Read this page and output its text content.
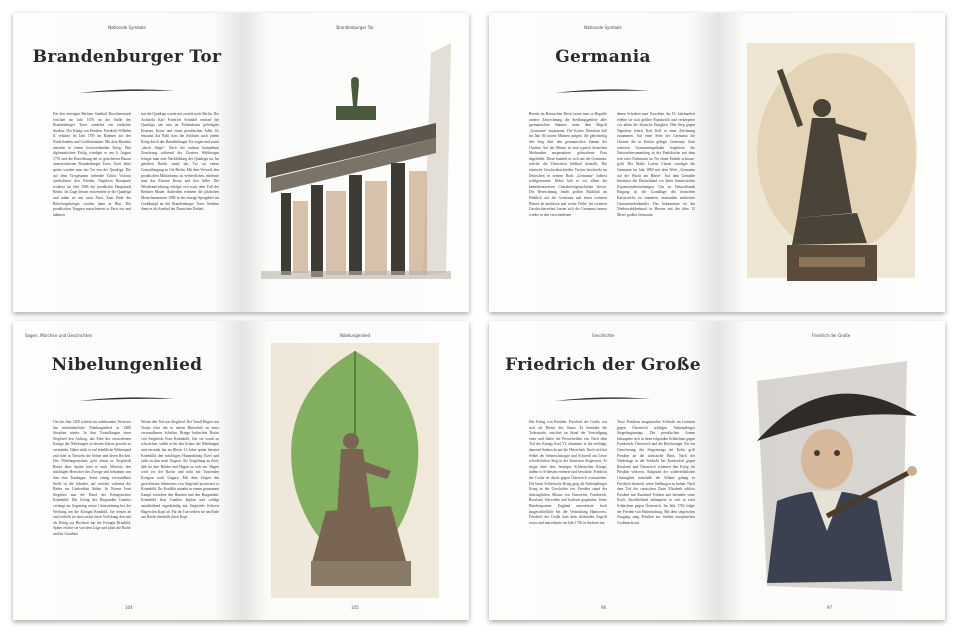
Nationale Symbole
Brandenburger Tor
Für den streitigen Berliner Stadtteil Dorotheenstadt errichtet im Jahr 1670 an der Stelle des Brandenburger Tores zunächst ein einfaches Stadttor. Der König von Preußen, Friedrich Wilhelm II. erklärte im Jahr 1785 im Rahmen auf den Niederlanden und Großbritannien. Mit dem Bündnis entstehe in einem bevorstehenden Krieg. Den diplomatischen Erfolg würdigte er am 6. August 1791 und die Einweihung der so gesicherten Bauart unterzeichneten Brandenburger Tores. Zwei Jahre später wurden zum das Tor von der Quadriga. Die auf dem Viergespann stehende Göttin Victoria symbolisiert den Frieden. Napoleon Bonaparte eroberte im Jahr 1806 die preußische Hauptstadt Berlin. Im Zuge dessen entwendete er die Quadriga und nahm sie mit nach Paris. Zum Ende des Befreiungskrieges wurden dann in Blut. Die preußischen Truppen marschierten in Paris ein und nahmen
nur die Quadriga wurde mit zurück nach Berlin. Der Architekt Karl Friedrich Schinkel entwarf die Quadriga um nun an Eichenkranz gefertigtes Eisernes Kreuz und einen preußischen Adler. Es entstand das Bild, dass die Soldaten auch jedem Krieg durch das Brandenburger Tor zogen und somit „durch Siege“. Nach der nahezu kompletten Zerstörung während des Zweiten Weltkrieges fertigte man eine Nachbildung der Quadriga an. Im geteilten Berlin stand das Tor an einem Grenzübergang zu Ost-Berlin. Mit dem Verweil, den preußischen Militärismus zu verherrlichen, entfernte man das Eiserne Kreuz und den Adler. Die Wiederaufrichtung erfolgte erst nach dem Fall der Berliner Mauer. Außerdem erinnern die jährlichen Menschenmassen 1989 in der einzige Spergebiet im Großkampf an des Brandenburger Tores. Seitdem dient es als Symbol der Deutschen Einheit.
Brandenburger Tor	Nationale Symbole
Germania
Bereits im Römischen Reich fasste man so Begriffe unterer Zeitrechnung die Siedlungsgebiete aller germanischen Stämme unter dem Begriff „Germania“ zusammen. Die Kaiser Domitian ließ im Jahr 84 seinen Münzen prägen, die gleichzeitig den Sieg über den germanischen Stamm der Chatten. Auf der Münze ist eine typisch deutschen Merkmalen ausgestattete, gebrochene Frau abgebildet. Diese handelt es sich um die Germania, welche die Deutschen bildhaft darstellt. Die römische Geschichtsschreiber Tacitus beschreibt im Deutschen in seinem Buch „Germania“ äußerst wohlgesonnen. Dabei hob er vor allem die bemerkenswerten Charaktereigenschaften hervor. Die Bezeichnung findet großen Rückhalt im Hinblick auf die Germania und einen weiteren Blauen ab mehrfach und weiter Frühe. Im weiteren Geschichtsverlauf lassen sich die Germania immer wieder in den verschiedenen
denen Schriften zum Vorschein. Im 19. Jahrhundert erlebte sie sich größter Popularität und verkörperte vor allem die deutsche Einigkeit. Den Sieg gegen Napoleon feierte Karl Koll in einer Zeichnung zusammen. Auf einer Seite der Germania die Chemie die in Ketten gelegte Germania. Zum weiteren Germaniengedanke begleitete die Nationalversammlung in der Paulskirche mit dem rein roter Farbmarkt an Tor einen Einheit schwarz-gold. Der Maler Lorenz Clasen würdigte die Germania im Jahr 1860 mit dem Werk „Germania auf der Wacht am Rhein“. Auf dem Gemälde beschützt die Deutschland vor ihren französischen Expansionsbestrebungen. Um zu Deutschlands Eingang ist der Grundlage des deutschen Kaiserreichs zu stammen, entstanden zahlreiche Germaniendenkmäler. Das bekannteste ist das Niederwalddenkmal in Hessen mit der über 12 Meter großen Germania.
Sagen, Märchen und Geschichten
Nibelungenlied
Um das Jahr 1200 schrieb ein unbekannter Verfasser das mittelalterliche Nibelungenlied in 2400 Strophen nieder. In ihm Vorstellungen einer Siegfried den Auftrag, das Erbe der verstorbenen Könige der Nibelungen zu dessen Schatz gerecht zu vermitteln. Dabei stößt er auf erhebliche Widerstand und tötet in Notwehr die Söhne und deren Recken. Des Nibelungenschatz geht damit in Siegfrieds Besitz über. Später tötet er auch Alberich, den mächtigen Herrscher des Zwerge und bekommt von ihm eine Tarnkappe. Seine einzig verwundbare Stelle ist die Schulter, auf welcher während der Bades ein Lindenblatt klebte. In Worms lernt Siegfried nun die Hand des Königstochter Kriemhild. Der König der Burgunden Gunther verlangt im Gegenzug seiner Unterstützung bei der Werbung um die Königin Brunhild. Sie reisten ab und verliebt sie einst nichts ihren Verlobung dort mit als König zur Hochzeit mit der Königin Brunhild. Später erfährt sie von dem Lüge und plant die Rache und ihr Gunthers
Wosen den Tod von Siegfried. Der Vasall Hagen von Tronje tötet ihn in einem Hinterhalt an einer verwundbaren Schulter. Bringe befürchtet Rache von Siegfrieds Frau Kriemhild. Um sie vorab zu schwächen, stiehlt er ihr den Schatz der Nibelungen und versenkt ihn im Rhein. 13 Jahre später heiratet Kriemhild den mächtigen Hunnenkönig Etzel und zieht zu ihm nach Ungarn. Als Vergeltung an ihrer, lädt sie ihre Brüder und Hagen zu sich ein. Hagen wird vor der Rache und naht mit Tausenden Kriegern nach Ungarn. Mit dem Zeigen des gerechtesten Schmerzes von Siegfried provoziert er Kriemhild. Ihr Konflikt mündet in einem grausamen Kampf zwischen den Hunnen und den Burgunden. Kriemhild lässt Gunther köpfen und schlägt anschließend eigenhändig mit Siegfrieds Schwert Hagen den Kopf ab. Für ihr Tun verliert sie am Ende aus Rache ebenfalls ihren Kopf.
104
Nibelungenlied
105
Geschichte
Friedrich der Große
Der König von Preußen, Friedrich der Große, trat sich als Dienst des Staats. Er bemühte die Todesstrafe, errichtet an Stand der Verteidigung einer und führte die Pressefreiheit ein. Nach dem Tod des Königs Karl VI. rekamiert er die erbfolge, dauernd Senkrecht auf die Herrschaft. Nach sich bei Sehtet der Sehneschirurgie und Schweiß am Lerne erforderlichen Sieg in der Sauersten Siegeswert. Er siegte über den, besiegen Schlesischen Kriege, indem er Schlesien eroberte und bewahrte. Friedrich der Große ist durch gegen Österreich vorzuziehen. Die beste Schlesische Krieg ging als Siebenjähriger Krieg in der Geschichte ein. Preußen stand der überzüglichen Allianz von Österreich, Frankreich, Russland, Schweden und Sachsen gegenüber. Seine Bündnispartner England unterstützte hoch ausgeschließlich bei der Vermittlung Hannovers. Friedrich der Große kam dem drohenden Angriff zuvor und marschierte im Jahr 1756 in Sachsen ein.
Trotz Preußens ausgemachte Schlacht im Leinsten gegen Österreich schlügen Siebenjähriger Siegesbeginnings. Die preußischen Armee behauptete sich in ihren folgenden Schlachten gegen Frankreich, Österreich und die Reichsreppe. Für ein Umschwung des Siegenszugs im Kolin griff Preußen an die sächsische Hans. Nach der Niederlage in der Schlacht bei Kunersdorf gegen Russland und Österreich schienen den Krieg für Preußen verloren. Aufgrund der widerrechtlichen Uneinigkeit innerhalb der Allianz gelang es Friedrich dennoch, seine Stellungen zu halten. Nach dem Tod der russischen Zarin Elisabeth schloss Preußen mit Russland Frieden und beendete seine Kraft. Anschließend behauptete es sich in zwei Schlachten gegen Österreich. Im Jahr 1763 folgte der Frieden von Hubertusburg. Mit dem siegreichen Ausgang stieg Preußen zur fünften europäischen Großmacht auf.
96
Friedrich der Große
97
